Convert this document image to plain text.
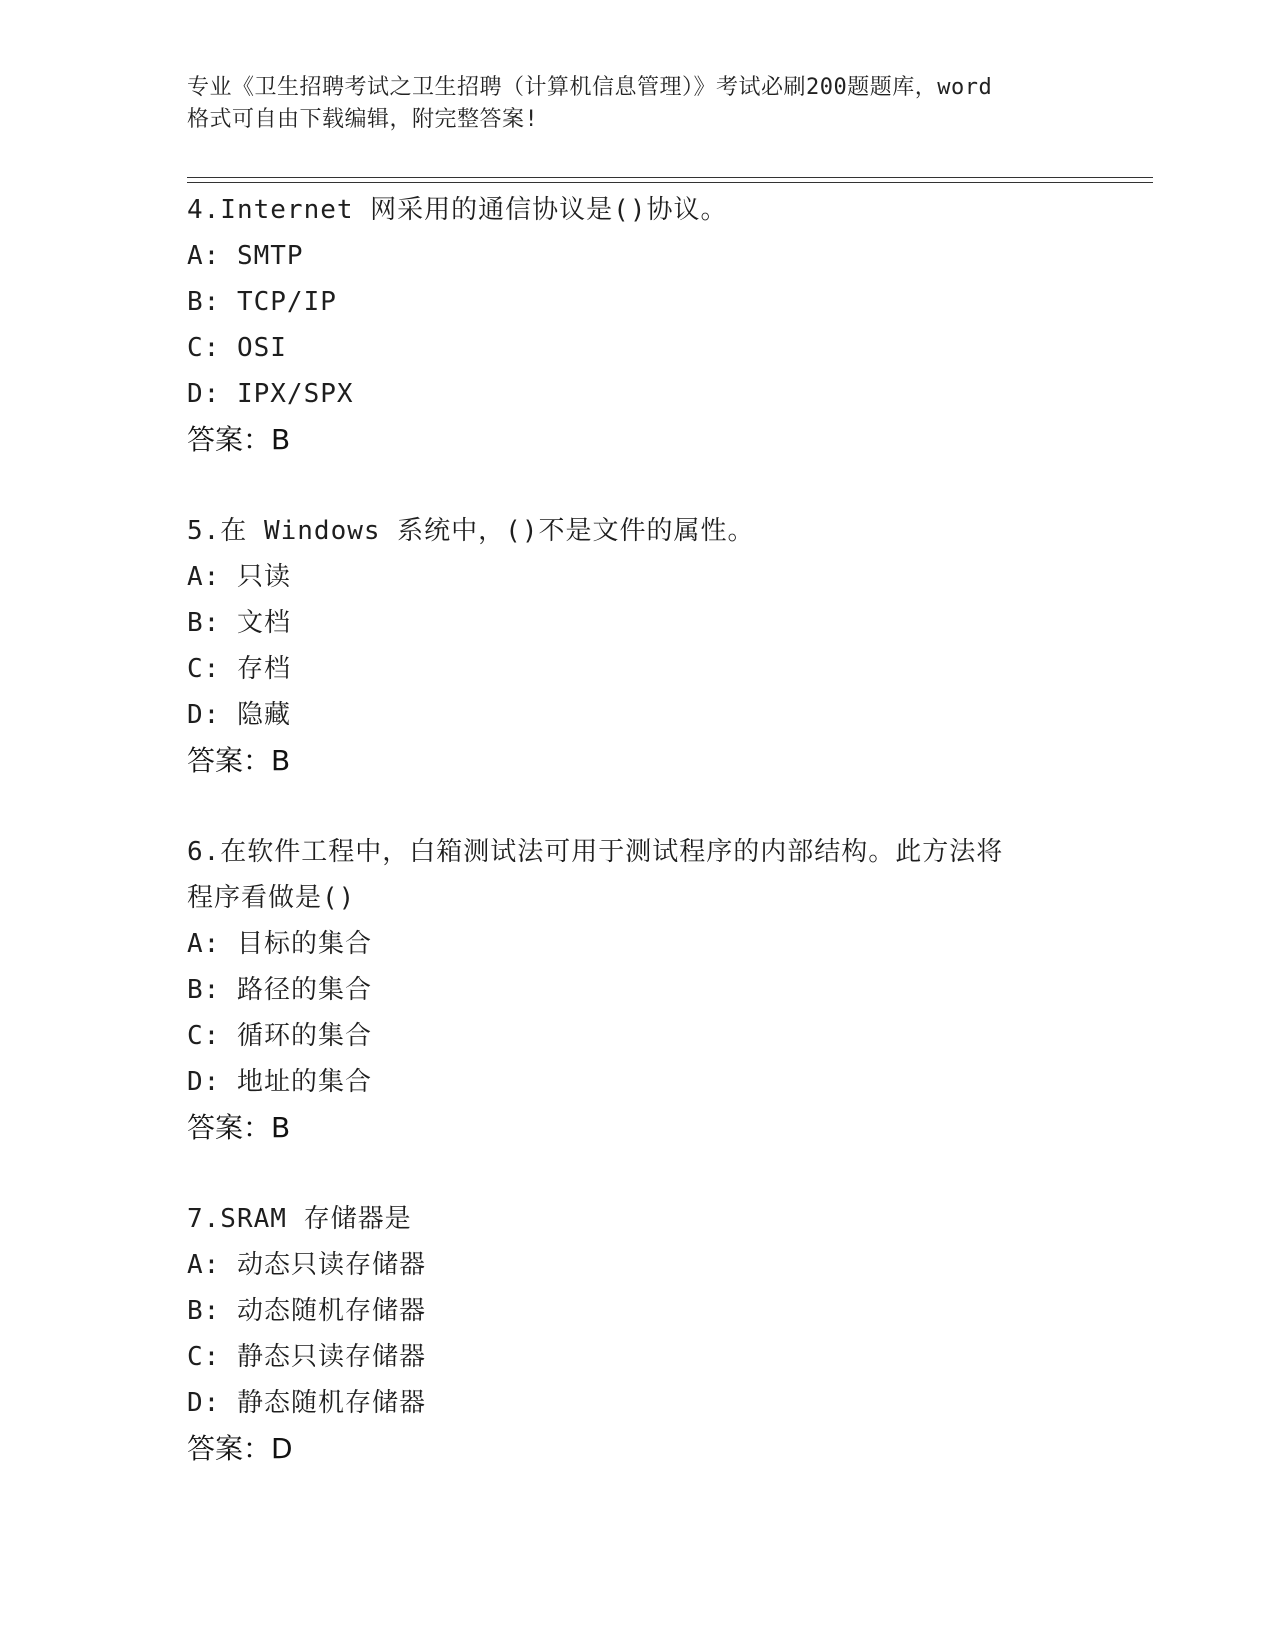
专业《卫生招聘考试之卫生招聘（计算机信息管理）》考试必刷200题题库，word
格式可自由下载编辑，附完整答案!
4.Internet 网采用的通信协议是()协议。
A: SMTP
B: TCP/IP
C: OSI
D: IPX/SPX
答案：B
5.在 Windows 系统中，()不是文件的属性。
A: 只读
B: 文档
C: 存档
D: 隐藏
答案：B
6.在软件工程中，白箱测试法可用于测试程序的内部结构。此方法将
程序看做是()
A: 目标的集合
B: 路径的集合
C: 循环的集合
D: 地址的集合
答案：B
7.SRAM 存储器是
A: 动态只读存储器
B: 动态随机存储器
C: 静态只读存储器
D: 静态随机存储器
答案：D
